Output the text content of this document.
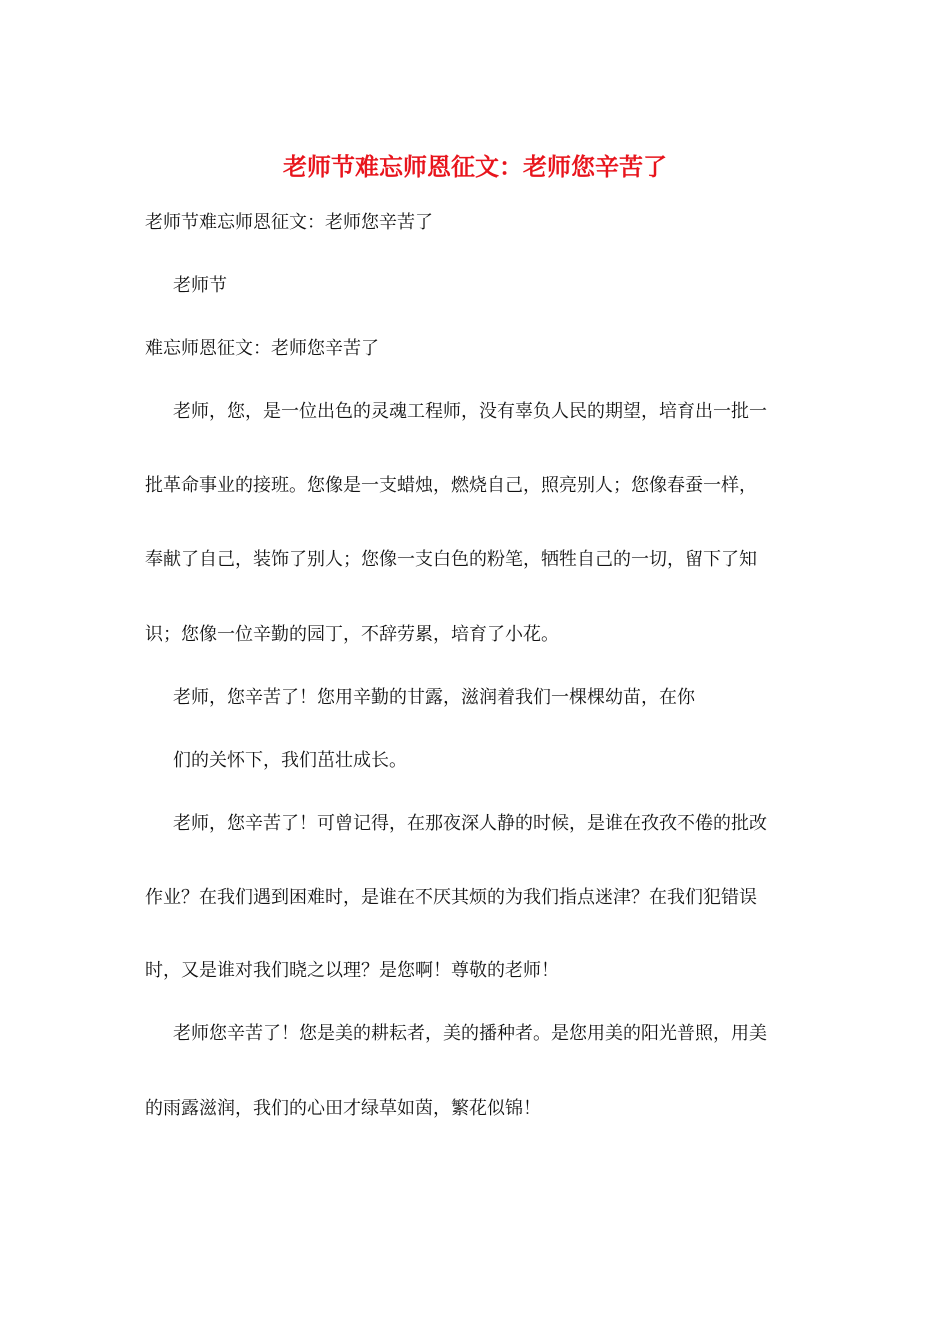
老师节难忘师恩征文：老师您辛苦了

老师节难忘师恩征文：老师您辛苦了

老师节

难忘师恩征文：老师您辛苦了

老师，您，是一位出色的灵魂工程师，没有辜负人民的期望，培育出一批一

批革命事业的接班。您像是一支蜡烛，燃烧自己，照亮别人；您像春蚕一样，

奉献了自己，装饰了别人；您像一支白色的粉笔，牺牲自己的一切，留下了知

识；您像一位辛勤的园丁，不辞劳累，培育了小花。

老师，您辛苦了！您用辛勤的甘露，滋润着我们一棵棵幼苗，在你

们的关怀下，我们茁壮成长。

老师，您辛苦了！可曾记得，在那夜深人静的时候，是谁在孜孜不倦的批改

作业？在我们遇到困难时，是谁在不厌其烦的为我们指点迷津？在我们犯错误

时，又是谁对我们晓之以理？是您啊！尊敬的老师！

老师您辛苦了！您是美的耕耘者，美的播种者。是您用美的阳光普照，用美

的雨露滋润，我们的心田才绿草如茵，繁花似锦！
